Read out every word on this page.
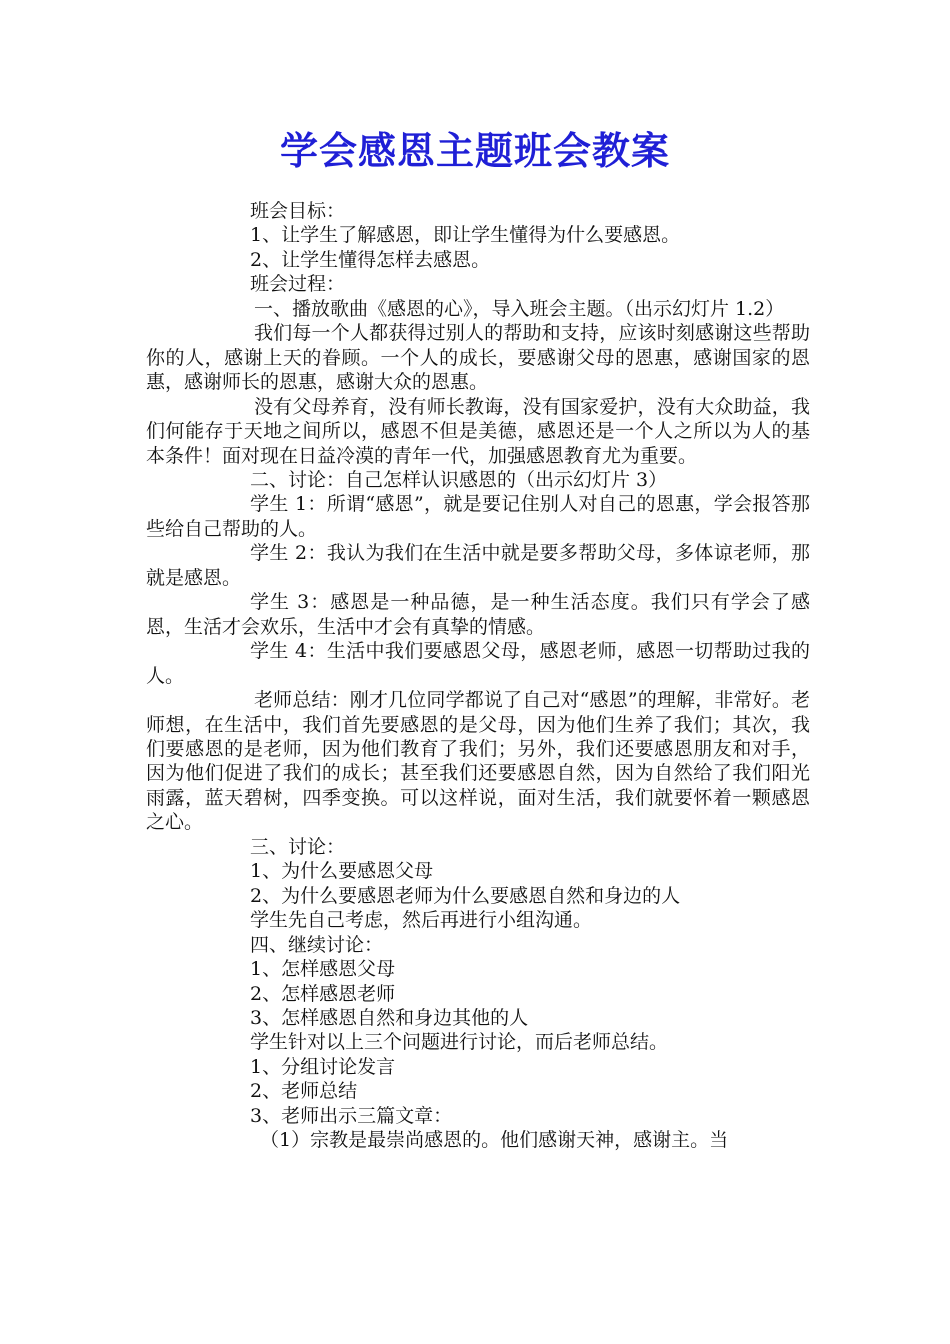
学会感恩主题班会教案

班会目标：

1、让学生了解感恩，即让学生懂得为什么要感恩。

2、让学生懂得怎样去感恩。

班会过程：

一、播放歌曲《感恩的心》，导入班会主题。（出示幻灯片 1.2）

我们每一个人都获得过别人的帮助和支持，应该时刻感谢这些帮助你的人，感谢上天的眷顾。一个人的成长，要感谢父母的恩惠，感谢国家的恩惠，感谢师长的恩惠，感谢大众的恩惠。

没有父母养育，没有师长教诲，没有国家爱护，没有大众助益，我们何能存于天地之间所以，感恩不但是美德，感恩还是一个人之所以为人的基本条件！面对现在日益冷漠的青年一代，加强感恩教育尤为重要。

二、讨论：自己怎样认识感恩的（出示幻灯片 3）

学生 1：所谓“感恩”，就是要记住别人对自己的恩惠，学会报答那些给自己帮助的人。

学生 2：我认为我们在生活中就是要多帮助父母，多体谅老师，那就是感恩。

学生 3：感恩是一种品德，是一种生活态度。我们只有学会了感恩，生活才会欢乐，生活中才会有真挚的情感。

学生 4：生活中我们要感恩父母，感恩老师，感恩一切帮助过我的人。

老师总结：刚才几位同学都说了自己对“感恩”的理解，非常好。老师想，在生活中，我们首先要感恩的是父母，因为他们生养了我们；其次，我们要感恩的是老师，因为他们教育了我们；另外，我们还要感恩朋友和对手，因为他们促进了我们的成长；甚至我们还要感恩自然，因为自然给了我们阳光雨露，蓝天碧树，四季变换。可以这样说，面对生活，我们就要怀着一颗感恩之心。

三、讨论：

1、为什么要感恩父母

2、为什么要感恩老师为什么要感恩自然和身边的人

学生先自己考虑，然后再进行小组沟通。

四、继续讨论：

1、怎样感恩父母

2、怎样感恩老师

3、怎样感恩自然和身边其他的人

学生针对以上三个问题进行讨论，而后老师总结。

1、分组讨论发言

2、老师总结

3、老师出示三篇文章：

（1）宗教是最崇尚感恩的。他们感谢天神，感谢主。当
